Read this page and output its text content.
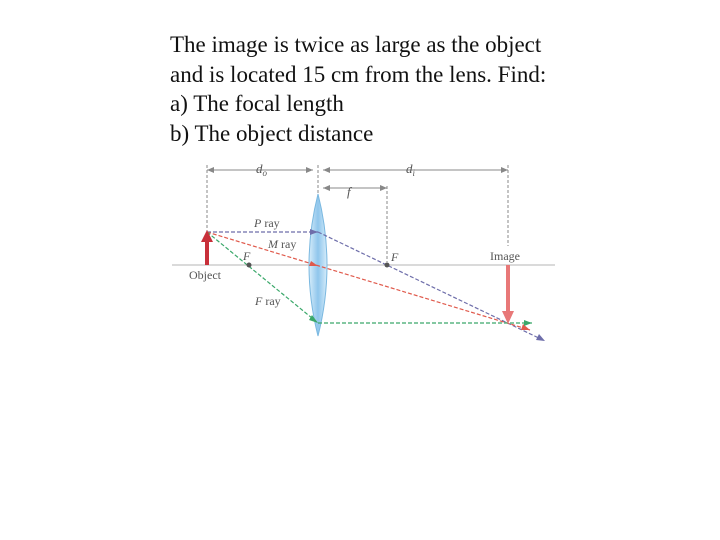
The image is twice as large as the object
and is located 15 cm from the lens. Find:
a) The focal length
b) The object distance
$d_o$	$d_i$
f
P ray
M ray
F ray
F	F
Object
Image
